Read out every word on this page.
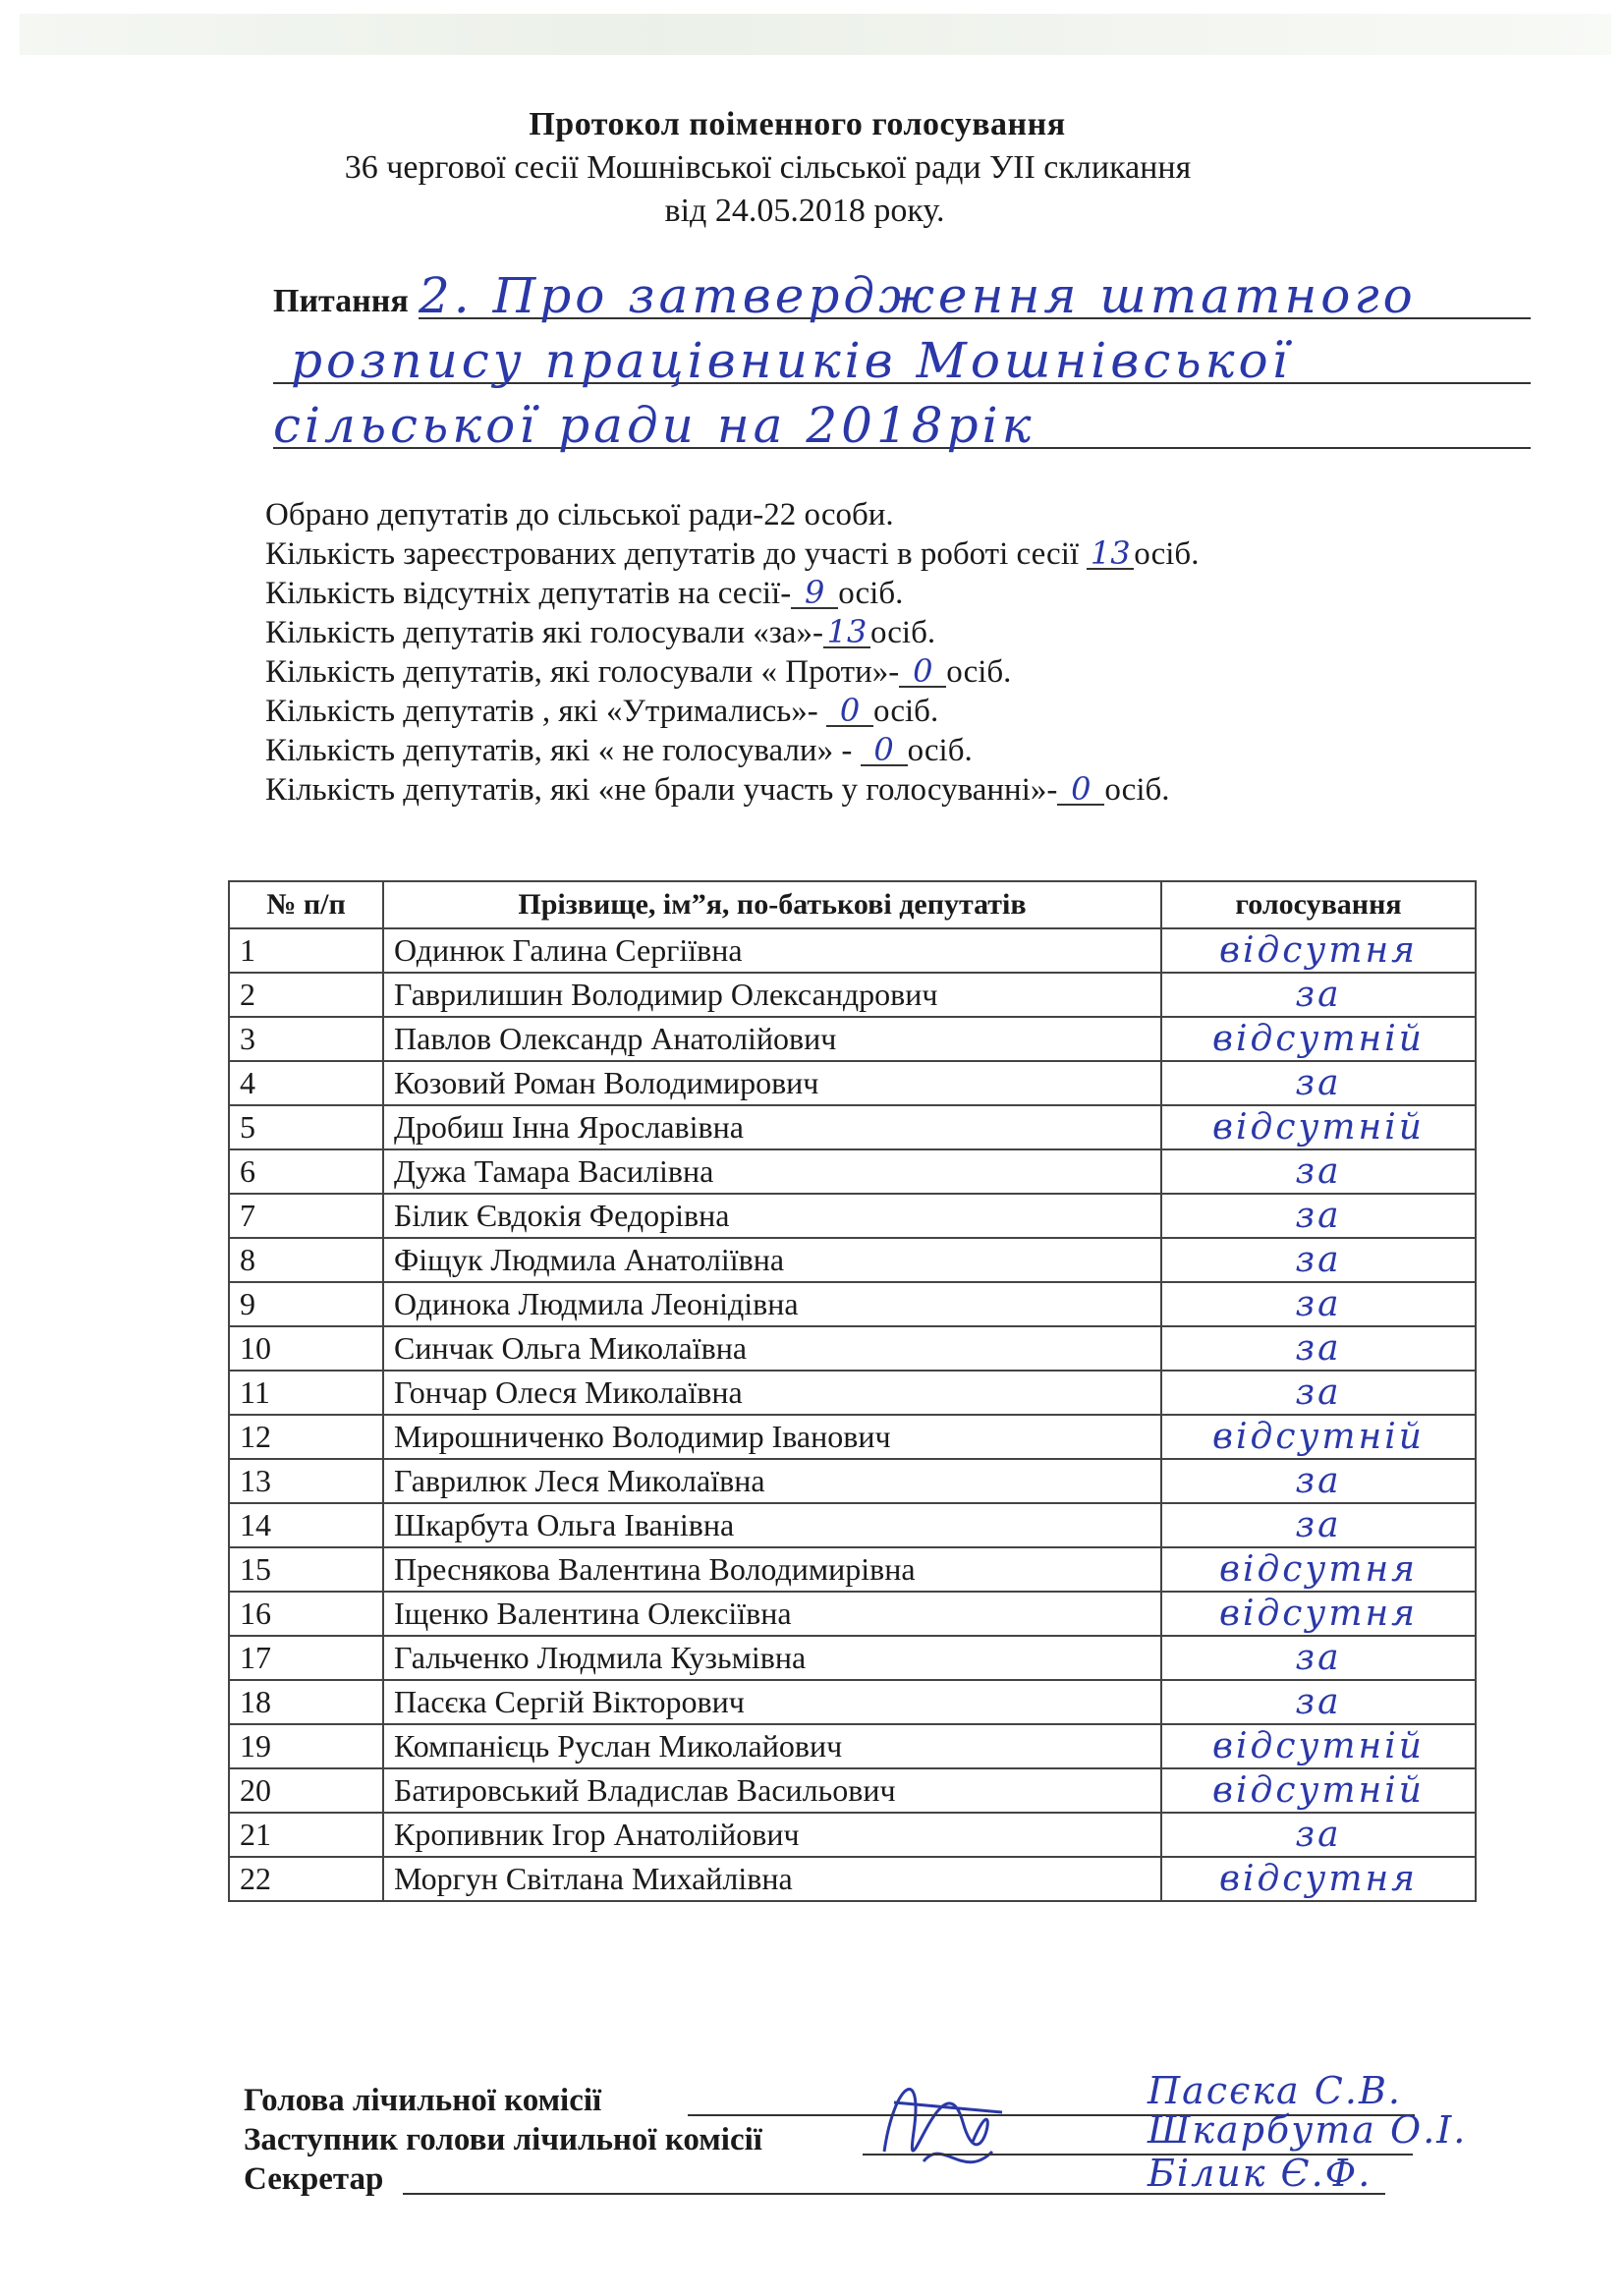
Протокол поіменного голосування
36 чергової сесії Мошнівської сільської ради УІІ скликання
від 24.05.2018 року.
Питання 2. Про затвердження штатного
розпису працівників Мошнівської
сільської ради на 2018рік
Обрано депутатів до сільської ради-22 особи.
Кількість зареєстрованих депутатів до участі в роботі сесії 13 осіб.
Кількість відсутніх депутатів на сесії- 9 осіб.
Кількість депутатів які голосували «за»- 13 осіб.
Кількість депутатів, які голосували « Проти»- 0 осіб.
Кількість депутатів , які «Утримались»- 0 осіб.
Кількість депутатів, які « не голосували» - 0 осіб.
Кількість депутатів, які «не брали участь у голосуванні»- 0 осіб.
№ п/п	Прізвище, ім”я, по-батькові депутатів	голосування
1	Одинюк Галина Сергіївна	відсутня
2	Гаврилишин Володимир Олександрович	за
3	Павлов Олександр Анатолійович	відсутній
4	Козовий Роман Володимирович	за
5	Дробиш Інна Ярославівна	відсутній
6	Дужа Тамара Василівна	за
7	Білик Євдокія Федорівна	за
8	Фіщук Людмила Анатоліївна	за
9	Одинока Людмила Леонідівна	за
10	Синчак Ольга Миколаївна	за
11	Гончар Олеся Миколаївна	за
12	Мирошниченко Володимир Іванович	відсутній
13	Гаврилюк Леся Миколаївна	за
14	Шкарбута Ольга Іванівна	за
15	Преснякова Валентина Володимирівна	відсутня
16	Іщенко Валентина Олексіївна	відсутня
17	Гальченко Людмила Кузьмівна	за
18	Пасєка Сергій Вікторович	за
19	Компанієць Руслан Миколайович	відсутній
20	Батировський Владислав Васильович	відсутній
21	Кропивник Ігор Анатолійович	за
22	Моргун Світлана Михайлівна	відсутня
Голова лічильної комісії	Пасєка С.В.
Заступник голови лічильної комісії	Шкарбута О.І.
Секретар	Білик Є.Ф.
